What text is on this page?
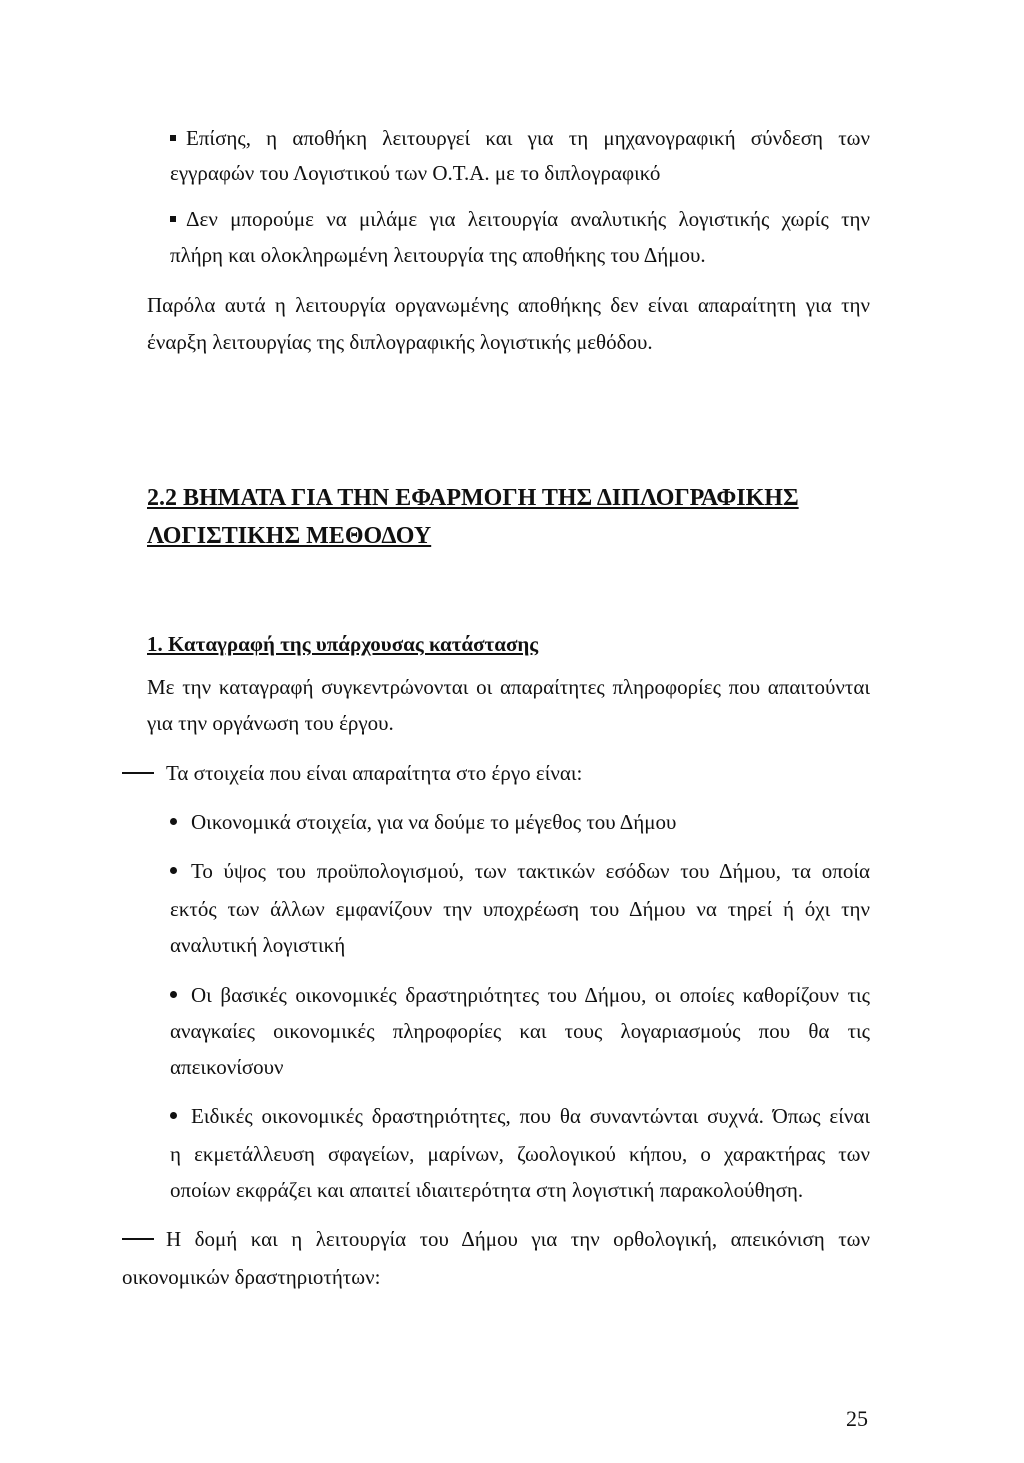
Επίσης, η αποθήκη λειτουργεί και για τη μηχανογραφική σύνδεση των
εγγραφών του Λογιστικού των Ο.Τ.Α. με το διπλογραφικό
Δεν μπορούμε να μιλάμε για λειτουργία αναλυτικής λογιστικής χωρίς την
πλήρη και ολοκληρωμένη λειτουργία της αποθήκης του Δήμου.
Παρόλα αυτά η λειτουργία οργανωμένης αποθήκης δεν είναι απαραίτητη για την
έναρξη λειτουργίας της διπλογραφικής λογιστικής μεθόδου.
2.2 ΒΗΜΑΤΑ ΓΙΑ ΤΗΝ ΕΦΑΡΜΟΓΗ ΤΗΣ ΔΙΠΛΟΓΡΑΦΙΚΗΣ
ΛΟΓΙΣΤΙΚΗΣ ΜΕΘΟΔΟΥ
1. Καταγραφή της υπάρχουσας κατάστασης
Με την καταγραφή συγκεντρώνονται οι απαραίτητες πληροφορίες που απαιτούνται
για την οργάνωση του έργου.
Τα στοιχεία που είναι απαραίτητα στο έργο είναι:
Οικονομικά στοιχεία, για να δούμε το μέγεθος του Δήμου
Το ύψος του προϋπολογισμού, των τακτικών εσόδων του Δήμου, τα οποία
εκτός των άλλων εμφανίζουν την υποχρέωση του Δήμου να τηρεί ή όχι την
αναλυτική λογιστική
Οι βασικές οικονομικές δραστηριότητες του Δήμου, οι οποίες καθορίζουν τις
αναγκαίες οικονομικές πληροφορίες και τους λογαριασμούς που θα τις
απεικονίσουν
Ειδικές οικονομικές δραστηριότητες, που θα συναντώνται συχνά. Όπως είναι
η εκμετάλλευση σφαγείων, μαρίνων, ζωολογικού κήπου, ο χαρακτήρας των
οποίων εκφράζει και απαιτεί ιδιαιτερότητα στη λογιστική παρακολούθηση.
Η δομή και η λειτουργία του Δήμου για την ορθολογική, απεικόνιση των
οικονομικών δραστηριοτήτων:
25
